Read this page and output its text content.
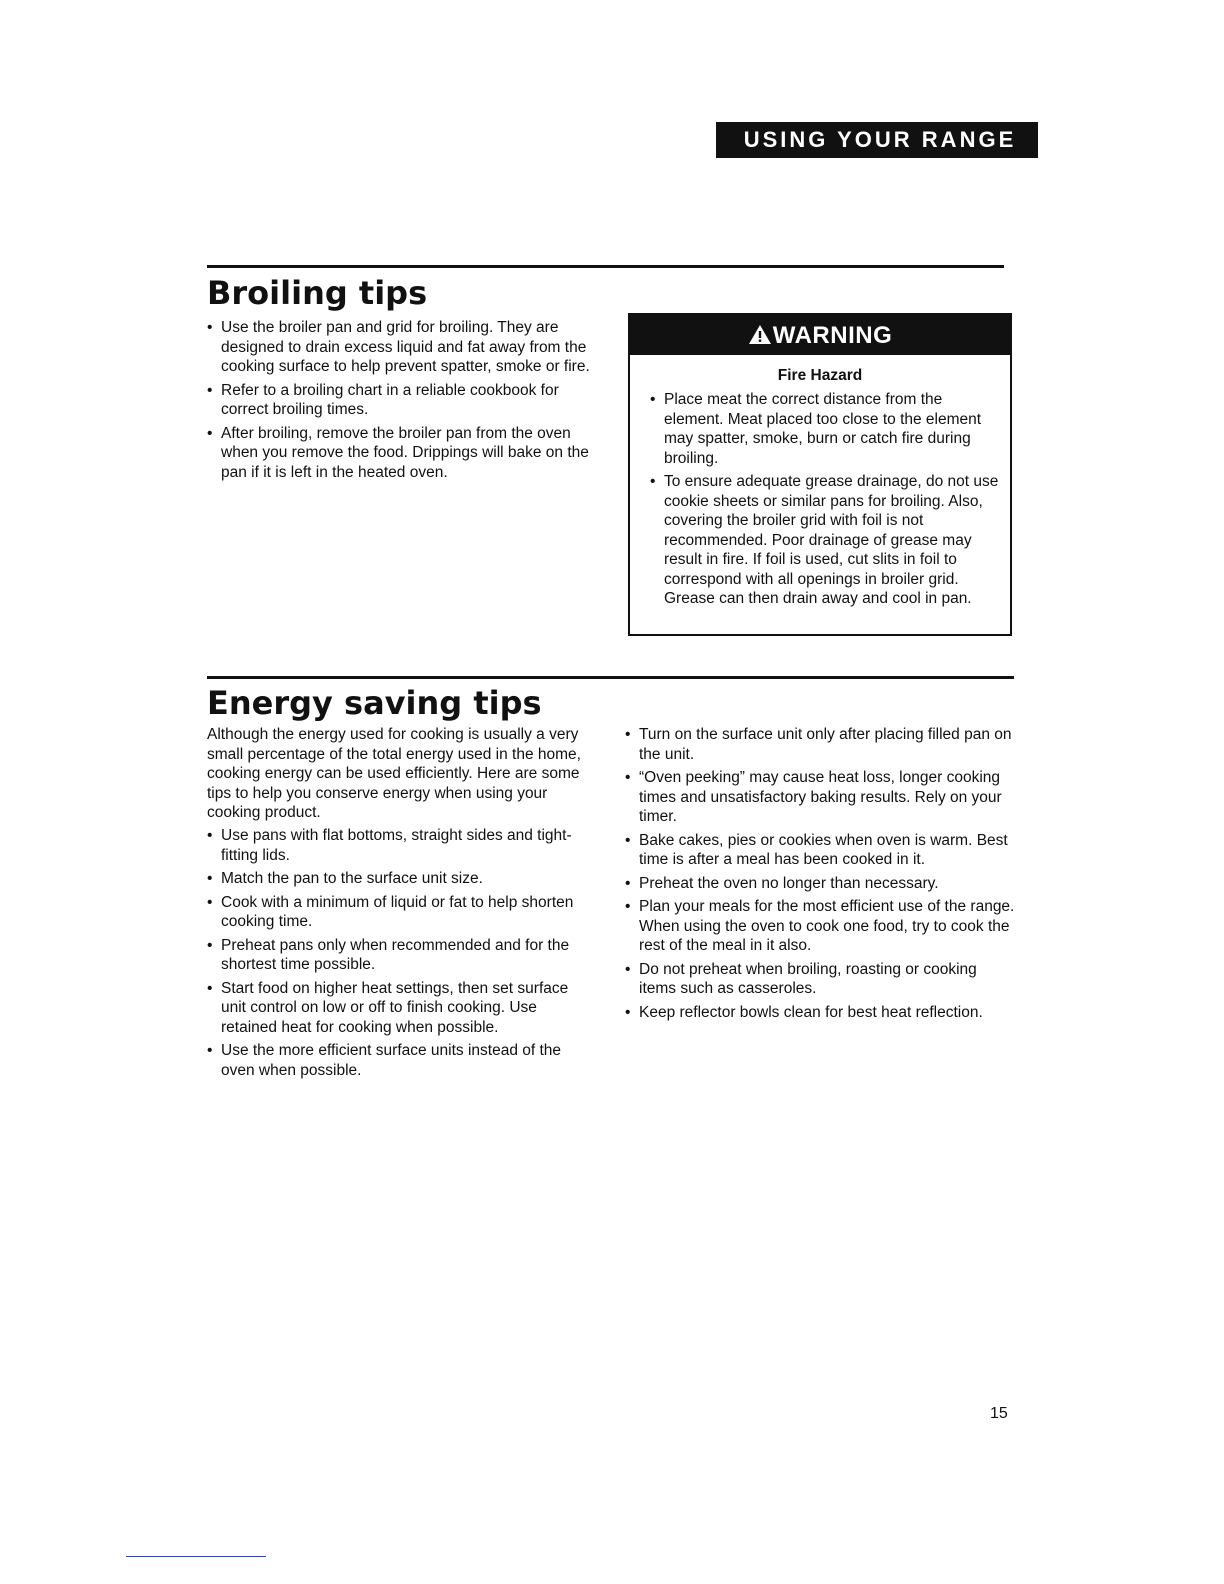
USING YOUR RANGE
Broiling tips
• Use the broiler pan and grid for broiling. They are designed to drain excess liquid and fat away from the cooking surface to help prevent spatter, smoke or fire.
• Refer to a broiling chart in a reliable cookbook for correct broiling times.
• After broiling, remove the broiler pan from the oven when you remove the food. Drippings will bake on the pan if it is left in the heated oven.
WARNING

Fire Hazard

• Place meat the correct distance from the element. Meat placed too close to the element may spatter, smoke, burn or catch fire during broiling.
• To ensure adequate grease drainage, do not use cookie sheets or similar pans for broiling. Also, covering the broiler grid with foil is not recommended. Poor drainage of grease may result in fire. If foil is used, cut slits in foil to correspond with all openings in broiler grid. Grease can then drain away and cool in pan.
Energy saving tips

Although the energy used for cooking is usually a very small percentage of the total energy used in the home, cooking energy can be used efficiently. Here are some tips to help you conserve energy when using your cooking product.

• Use pans with flat bottoms, straight sides and tight-fitting lids.
• Match the pan to the surface unit size.
• Cook with a minimum of liquid or fat to help shorten cooking time.
• Preheat pans only when recommended and for the shortest time possible.
• Start food on higher heat settings, then set surface unit control on low or off to finish cooking. Use retained heat for cooking when possible.
• Use the more efficient surface units instead of the oven when possible.
• Turn on the surface unit only after placing filled pan on the unit.
• “Oven peeking” may cause heat loss, longer cooking times and unsatisfactory baking results. Rely on your timer.
• Bake cakes, pies or cookies when oven is warm. Best time is after a meal has been cooked in it.
• Preheat the oven no longer than necessary.
• Plan your meals for the most efficient use of the range. When using the oven to cook one food, try to cook the rest of the meal in it also.
• Do not preheat when broiling, roasting or cooking items such as casseroles.
• Keep reflector bowls clean for best heat reflection.
15
